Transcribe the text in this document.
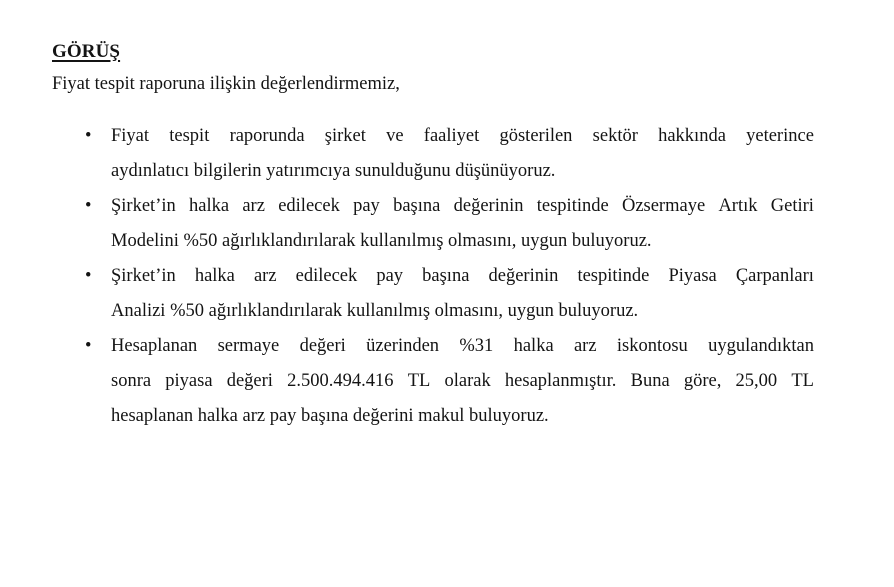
GÖRÜŞ

Fiyat tespit raporuna ilişkin değerlendirmemiz,

• Fiyat tespit raporunda şirket ve faaliyet gösterilen sektör hakkında yeterince
aydınlatıcı bilgilerin yatırımcıya sunulduğunu düşünüyoruz.
• Şirket’in halka arz edilecek pay başına değerinin tespitinde Özsermaye Artık Getiri
Modelini %50 ağırlıklandırılarak kullanılmış olmasını, uygun buluyoruz.
• Şirket’in halka arz edilecek pay başına değerinin tespitinde Piyasa Çarpanları
Analizi %50 ağırlıklandırılarak kullanılmış olmasını, uygun buluyoruz.
• Hesaplanan sermaye değeri üzerinden %31 halka arz iskontosu uygulandıktan
sonra piyasa değeri 2.500.494.416 TL olarak hesaplanmıştır. Buna göre, 25,00 TL
hesaplanan halka arz pay başına değerini makul buluyoruz.
